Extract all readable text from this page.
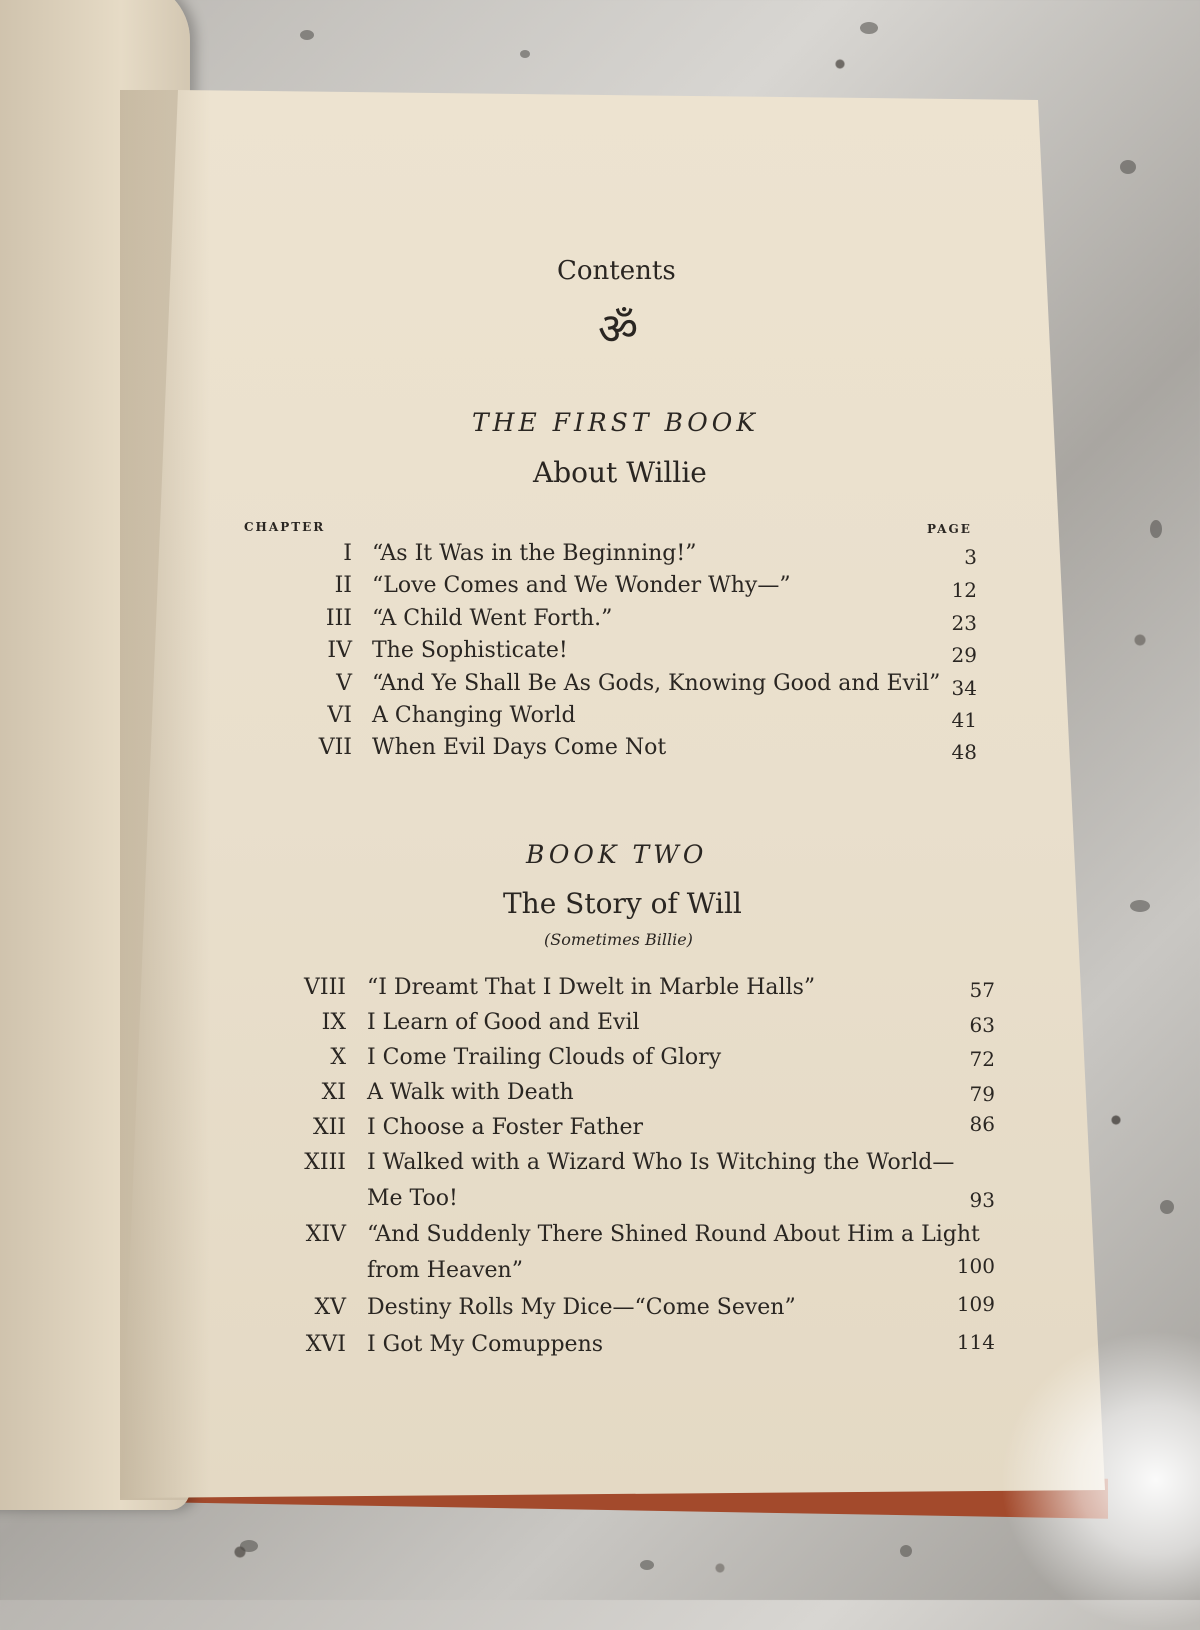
Contents
ॐ
THE FIRST BOOK
About Willie
CHAPTER	PAGE
I “As It Was in the Beginning!”	3
II “Love Comes and We Wonder Why—”	12
III “A Child Went Forth.”	23
IV The Sophisticate!	29
V “And Ye Shall Be As Gods, Knowing Good and Evil” 34
VI A Changing World	41
VII When Evil Days Come Not	48
BOOK TWO
The Story of Will
(Sometimes Billie)
VIII “I Dreamt That I Dwelt in Marble Halls”	57
IX I Learn of Good and Evil	63
X I Come Trailing Clouds of Glory	72
XI A Walk with Death	79
XII I Choose a Foster Father	86
XIII I Walked with a Wizard Who Is Witching the World—
Me Too!	93
XIV “And Suddenly There Shined Round About Him a Light
from Heaven”	100
XV Destiny Rolls My Dice—“Come Seven”	109
XVI I Got My Comuppens	114
